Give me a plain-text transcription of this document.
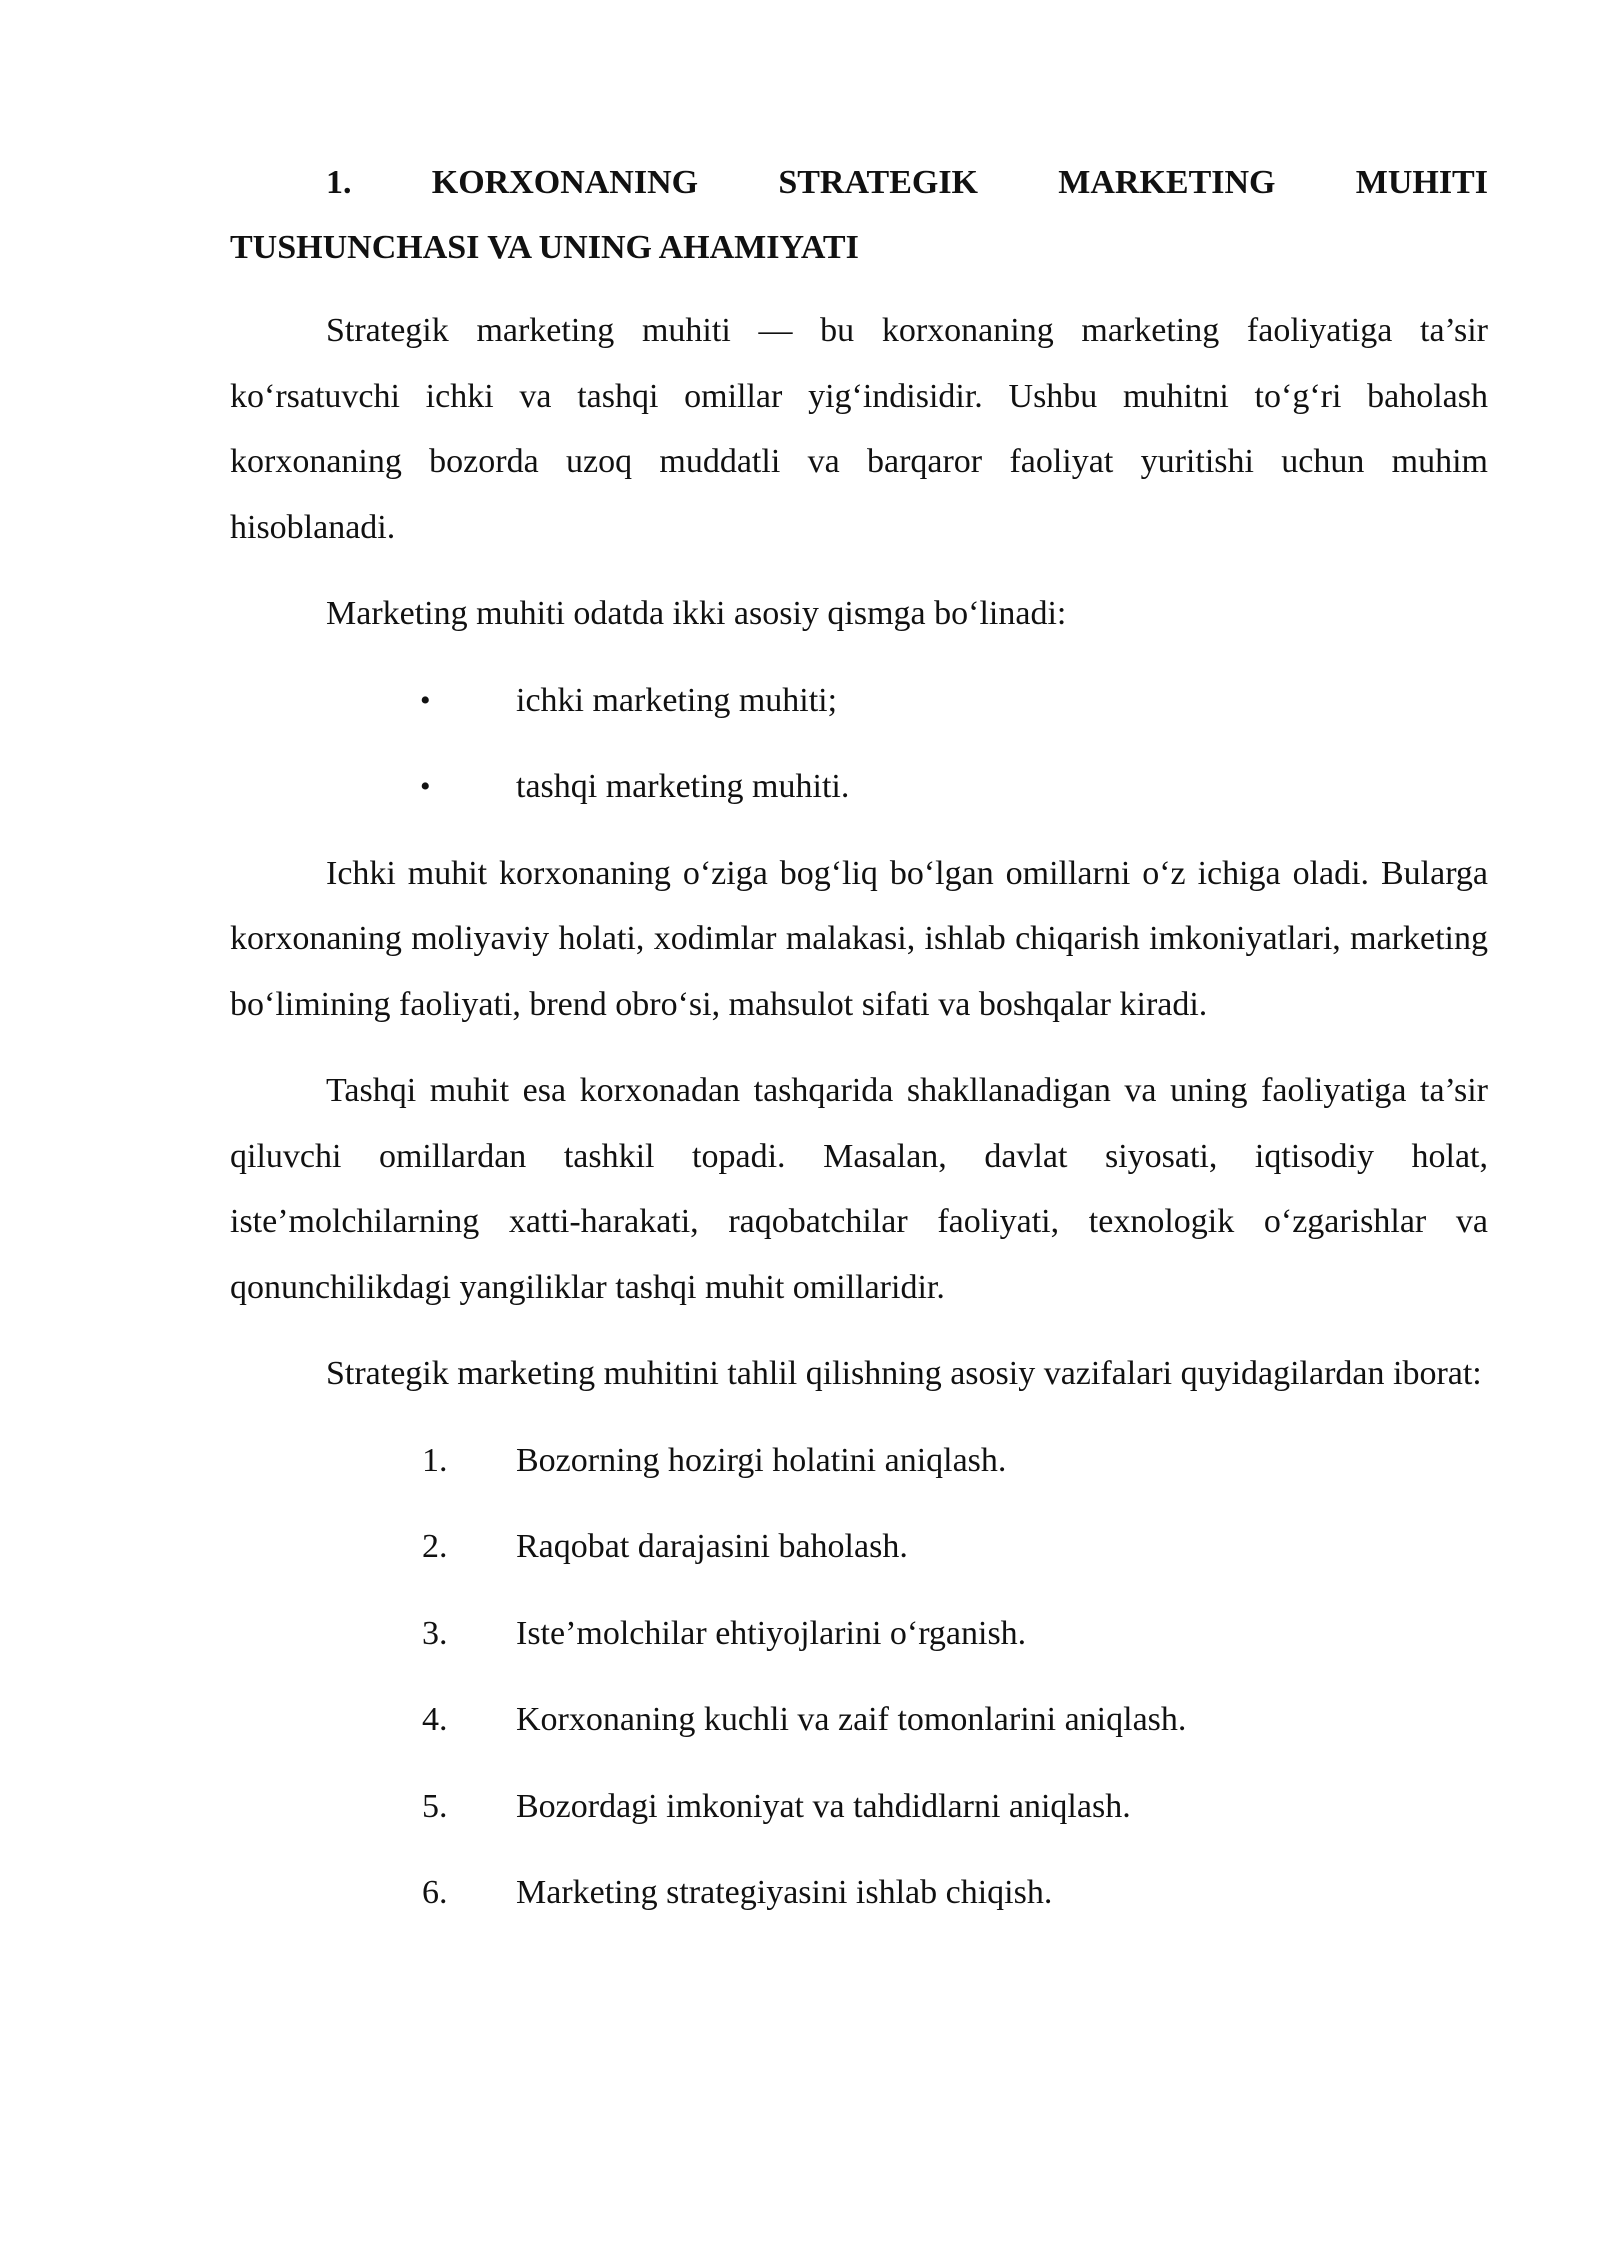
1. KORXONANING STRATEGIK MARKETING MUHITI
TUSHUNCHASI VA UNING AHAMIYATI

Strategik marketing muhiti — bu korxonaning marketing faoliyatiga ta’sir ko‘rsatuvchi ichki va tashqi omillar yig‘indisidir. Ushbu muhitni to‘g‘ri baholash korxonaning bozorda uzoq muddatli va barqaror faoliyat yuritishi uchun muhim hisoblanadi.

Marketing muhiti odatda ikki asosiy qismga bo‘linadi:

•	ichki marketing muhiti;
•	tashqi marketing muhiti.

Ichki muhit korxonaning o‘ziga bog‘liq bo‘lgan omillarni o‘z ichiga oladi. Bularga korxonaning moliyaviy holati, xodimlar malakasi, ishlab chiqarish imkoniyatlari, marketing bo‘limining faoliyati, brend obro‘si, mahsulot sifati va boshqalar kiradi.

Tashqi muhit esa korxonadan tashqarida shakllanadigan va uning faoliyatiga ta’sir qiluvchi omillardan tashkil topadi. Masalan, davlat siyosati, iqtisodiy holat, iste’molchilarning xatti-harakati, raqobatchilar faoliyati, texnologik o‘zgarishlar va qonunchilikdagi yangiliklar tashqi muhit omillaridir.

Strategik marketing muhitini tahlil qilishning asosiy vazifalari quyidagilardan iborat:

1. Bozorning hozirgi holatini aniqlash.
2. Raqobat darajasini baholash.
3. Iste’molchilar ehtiyojlarini o‘rganish.
4. Korxonaning kuchli va zaif tomonlarini aniqlash.
5. Bozordagi imkoniyat va tahdidlarni aniqlash.
6. Marketing strategiyasini ishlab chiqish.
